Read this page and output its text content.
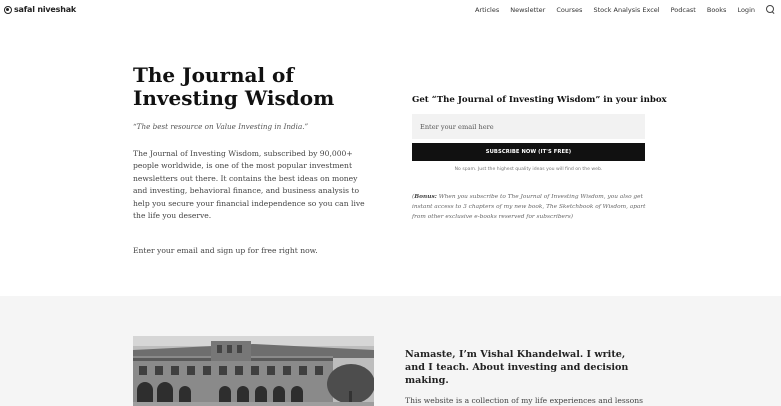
safal niveshak	Articles Newsletter Courses Stock Analysis Excel Podcast Books Login
The Journal of Investing Wisdom

“The best resource on Value Investing in India.”

The Journal of Investing Wisdom, subscribed by 90,000+ people worldwide, is one of the most popular investment newsletters out there. It contains the best ideas on money and investing, behavioral finance, and business analysis to help you secure your financial independence so you can live the life you deserve.

Enter your email and sign up for free right now.

Get “The Journal of Investing Wisdom” in your inbox
Enter your email here
SUBSCRIBE NOW (IT'S FREE)

No spam. Just the highest quality ideas you will find on the web.

(Bonus: When you subscribe to The Journal of Investing Wisdom, you also get instant access to 3 chapters of my new book, The Sketchbook of Wisdom, apart from other exclusive e-books reserved for subscribers)

Namaste, I’m Vishal Khandelwal. I write, and I teach. About investing and decision making.

This website is a collection of my life experiences and lessons
